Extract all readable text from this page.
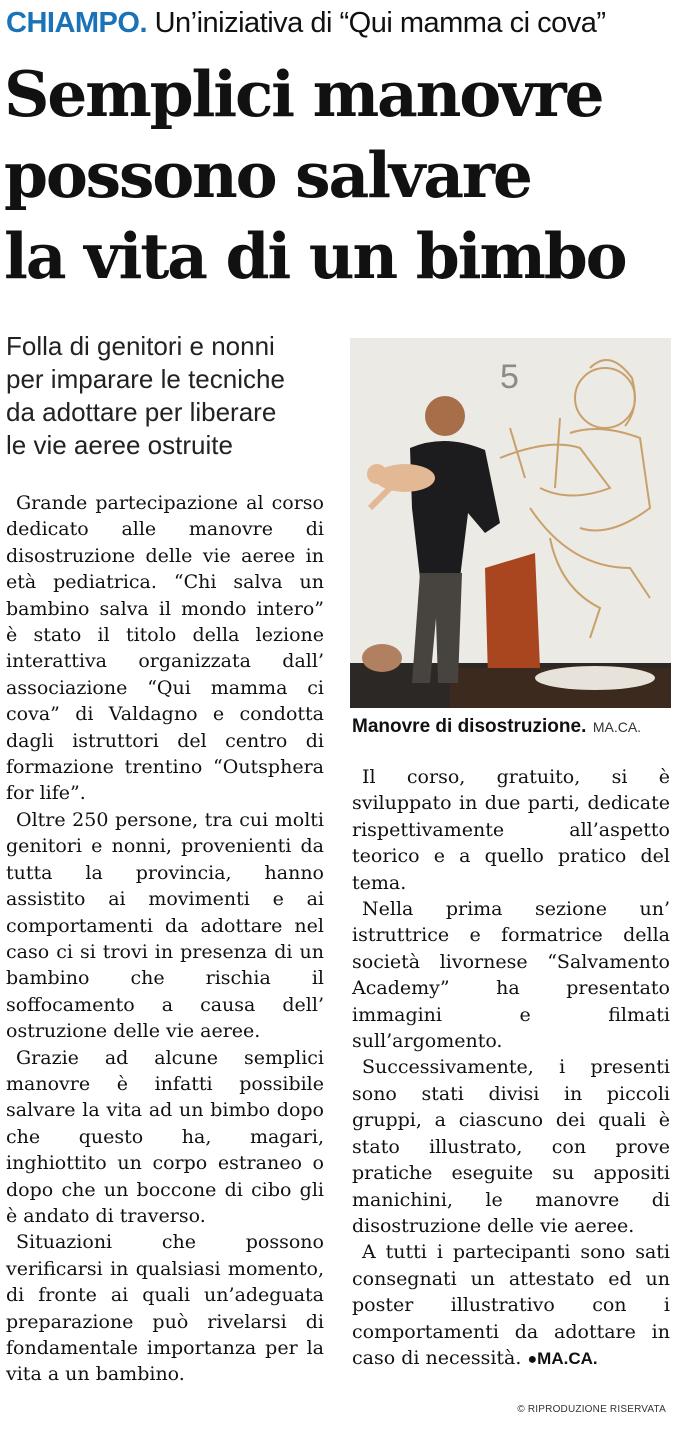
CHIAMPO. Un’iniziativa di “Qui mamma ci cova”
Semplici manovre
possono salvare
la vita di un bimbo
Folla di genitori e nonni
per imparare le tecniche
da adottare per liberare
le vie aeree ostruite
5
Manovre di disostruzione. MA.CA.

Grande partecipazione al corso dedicato alle manovre di disostruzione delle vie aeree in età pediatrica. “Chi salva un bambino salva il mondo intero” è stato il titolo della lezione interattiva organizzata dall’ associazione “Qui mamma ci cova” di Valdagno e condotta dagli istruttori del centro di formazione trentino “Outsphera for life”.

Oltre 250 persone, tra cui molti genitori e nonni, provenienti da tutta la provincia, hanno assistito ai movimenti e ai comportamenti da adottare nel caso ci si trovi in presenza di un bambino che rischia il soffocamento a causa dell’ ostruzione delle vie aeree.

Grazie ad alcune semplici manovre è infatti possibile salvare la vita ad un bimbo dopo che questo ha, magari, inghiottito un corpo estraneo o dopo che un boccone di cibo gli è andato di traverso.

Situazioni che possono verificarsi in qualsiasi momento, di fronte ai quali un’adeguata preparazione può rivelarsi di fondamentale importanza per la vita a un bambino.

Il corso, gratuito, si è sviluppato in due parti, dedicate rispettivamente all’aspetto teorico e a quello pratico del tema.

Nella prima sezione un’ istruttrice e formatrice della società livornese “Salvamento Academy” ha presentato immagini e filmati sull’argomento.

Successivamente, i presenti sono stati divisi in piccoli gruppi, a ciascuno dei quali è stato illustrato, con prove pratiche eseguite su appositi manichini, le manovre di disostruzione delle vie aeree.

A tutti i partecipanti sono sati consegnati un attestato ed un poster illustrativo con i comportamenti da adottare in caso di necessità. ●MA.CA.

© RIPRODUZIONE RISERVATA
